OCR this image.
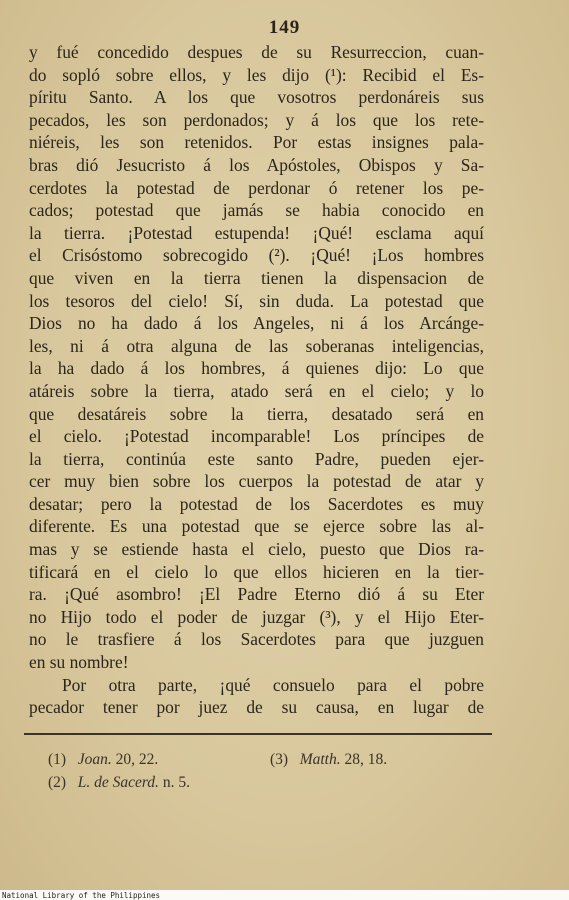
149
y fué concedido despues de su Resurreccion, cuan-
do sopló sobre ellos, y les dijo (¹): Recibid el Es-
píritu Santo. A los que vosotros perdonáreis sus
pecados, les son perdonados; y á los que los rete-
niéreis, les son retenidos. Por estas insignes pala-
bras dió Jesucristo á los Apóstoles, Obispos y Sa-
cerdotes la potestad de perdonar ó retener los pe-
cados; potestad que jamás se habia conocido en
la tierra. ¡Potestad estupenda! ¡Qué! esclama aquí
el Crisóstomo sobrecogido (²). ¡Qué! ¡Los hombres
que viven en la tierra tienen la dispensacion de
los tesoros del cielo! Sí, sin duda. La potestad que
Dios no ha dado á los Angeles, ni á los Arcánge-
les, ni á otra alguna de las soberanas inteligencias,
la ha dado á los hombres, á quienes dijo: Lo que
atáreis sobre la tierra, atado será en el cielo; y lo
que desatáreis sobre la tierra, desatado será en
el cielo. ¡Potestad incomparable! Los príncipes de
la tierra, continúa este santo Padre, pueden ejer-
cer muy bien sobre los cuerpos la potestad de atar y
desatar; pero la potestad de los Sacerdotes es muy
diferente. Es una potestad que se ejerce sobre las al-
mas y se estiende hasta el cielo, puesto que Dios ra-
tificará en el cielo lo que ellos hicieren en la tier-
ra. ¡Qué asombro! ¡El Padre Eterno dió á su Eter
no Hijo todo el poder de juzgar (³), y el Hijo Eter-
no le trasfiere á los Sacerdotes para que juzguen
en su nombre!
Por otra parte, ¡qué consuelo para el pobre
pecador tener por juez de su causa, en lugar de
(1)   Joan. 20, 22.
(2)   L. de Sacerd. n. 5.
(3)   Matth. 28, 18.
National Library of the Philippines
